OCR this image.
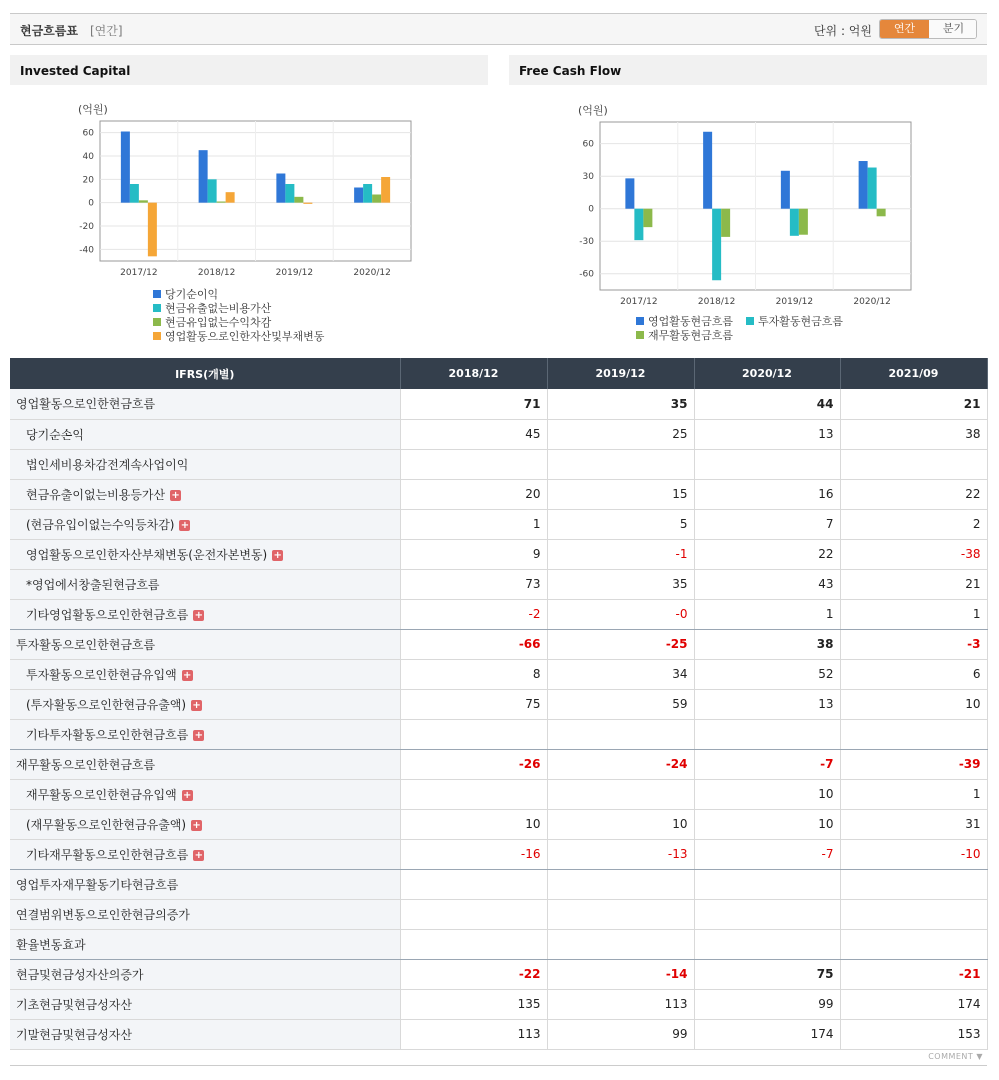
현금흐름표 [연간]	단위 : 억원	연간	분기
Invested Capital
(억원)
60
40
20
0
-20
-40
2017/12	2018/12	2019/12	2020/12
당기순이익
현금유출없는비용가산
현금유입없는수익차감
영업활동으로인한자산및부채변동
Free Cash Flow
(억원)
60
30
0
-30
-60
2017/12	2018/12	2019/12	2020/12
영업활동현금흐름 투자활동현금흐름
재무활동현금흐름
IFRS(개별)	2018/12	2019/12	2020/12	2021/09
영업활동으로인한현금흐름	71	35	44	21
당기순손익	45	25	13	38
법인세비용차감전계속사업이익				
현금유출이없는비용등가산 +	20	15	16	22
(현금유입이없는수익등차감) +	1	5	7	2
영업활동으로인한자산부채변동(운전자본변동) +	9	-1	22	-38
*영업에서창출된현금흐름	73	35	43	21
기타영업활동으로인한현금흐름 +	-2	-0	1	1
투자활동으로인한현금흐름	-66	-25	38	-3
투자활동으로인한현금유입액 +	8	34	52	6
(투자활동으로인한현금유출액) +	75	59	13	10
기타투자활동으로인한현금흐름 +				
재무활동으로인한현금흐름	-26	-24	-7	-39
재무활동으로인한현금유입액 +			10	1
(재무활동으로인한현금유출액) +	10	10	10	31
기타재무활동으로인한현금흐름 +	-16	-13	-7	-10
영업투자재무활동기타현금흐름				
연결범위변동으로인한현금의증가				
환율변동효과				
현금및현금성자산의증가	-22	-14	75	-21
기초현금및현금성자산	135	113	99	174
기말현금및현금성자산	113	99	174	153
COMMENT ▼
